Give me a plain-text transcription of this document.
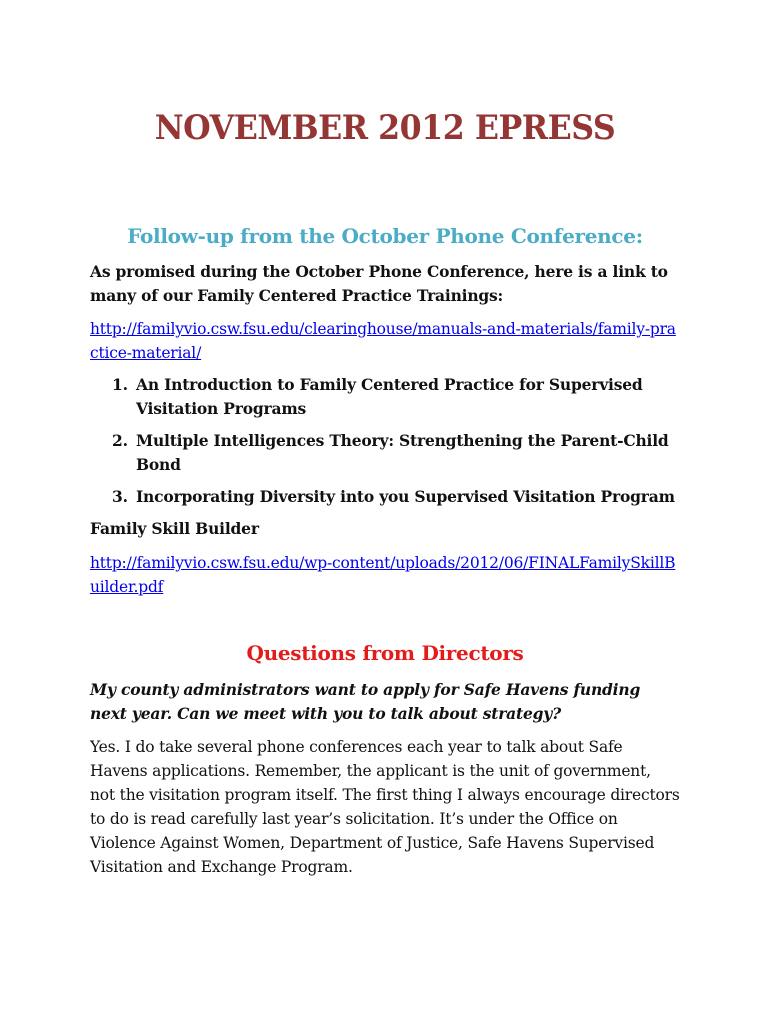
NOVEMBER 2012 EPRESS
Follow-up from the October Phone Conference:

As promised during the October Phone Conference, here is a link to many of our Family Centered Practice Trainings:

http://familyvio.csw.fsu.edu/clearinghouse/manuals-and-materials/family-practice-material/

1. An Introduction to Family Centered Practice for Supervised Visitation Programs
2. Multiple Intelligences Theory: Strengthening the Parent-Child Bond
3. Incorporating Diversity into you Supervised Visitation Program

Family Skill Builder

http://familyvio.csw.fsu.edu/wp-content/uploads/2012/06/FINALFamilySkillBuilder.pdf

Questions from Directors

My county administrators want to apply for Safe Havens funding next year. Can we meet with you to talk about strategy?

Yes. I do take several phone conferences each year to talk about Safe Havens applications. Remember, the applicant is the unit of government, not the visitation program itself. The first thing I always encourage directors to do is read carefully last year’s solicitation. It’s under the Office on Violence Against Women, Department of Justice, Safe Havens Supervised Visitation and Exchange Program.
